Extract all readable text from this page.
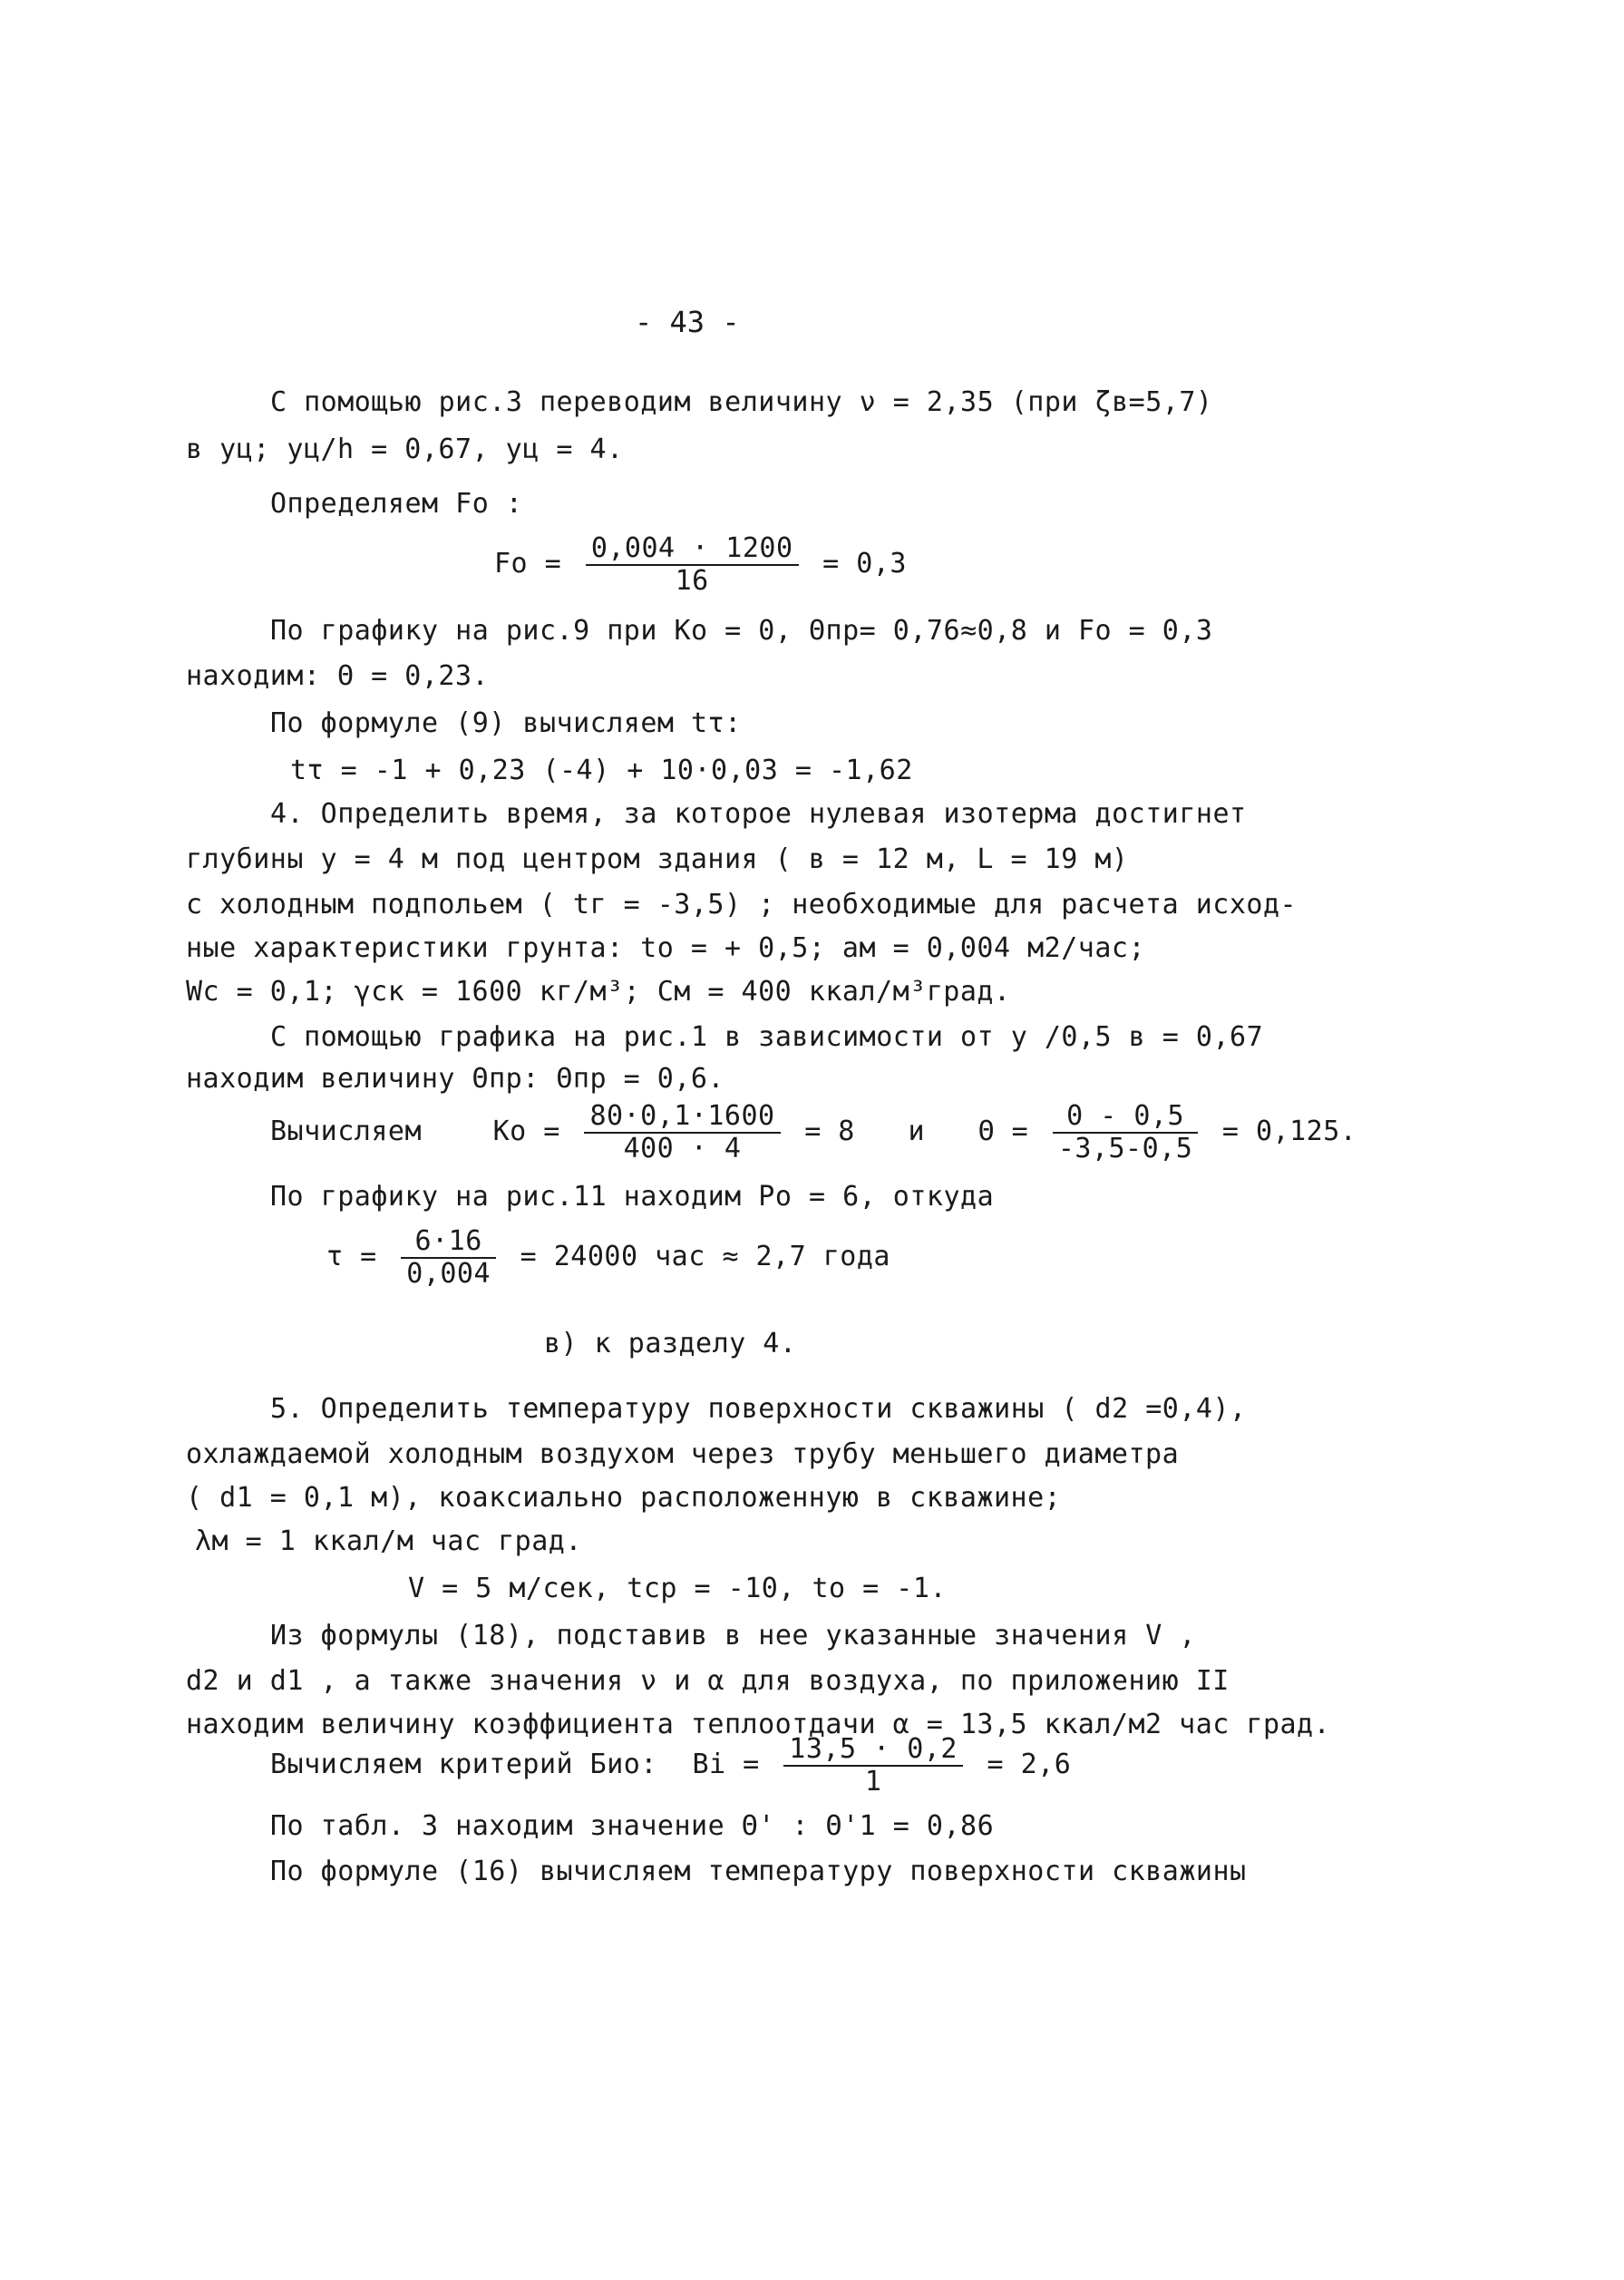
- 43 -
С помощью рис.3 переводим величину ν = 2,35 (при ζв=5,7)
в yц; yц/h = 0,67, yц = 4.
Определяем Fo :
$Fo = \frac{0,004 \cdot 1200}{16} = 0,3$
По графику на рис.9 при Ko = 0, Θпр= 0,76≈0,8 и Fo = 0,3
находим: Θ = 0,23.
По формуле (9) вычисляем tτ:
tτ = -1 + 0,23 (-4) + 10·0,03 = -1,62
4. Определить время, за которое нулевая изотерма достигнет
глубины y = 4 м под центром здания ( в = 12 м, L = 19 м)
с холодным подпольем ( tг = -3,5) ; необходимые для расчета исход-
ные характеристики грунта: to = + 0,5; aм = 0,004 м2/час;
Wс = 0,1; γск = 1600 кг/м³; Cм = 400 ккал/м³град.
С помощью графика на рис.1 в зависимости от y /0,5 в = 0,67
находим величину Θпр: Θпр = 0,6.
Вычисляем	$Ko = \frac{80\cdot 0,1\cdot 1600}{400 \cdot 4} = 8$ и $\Theta = \frac{0 - 0,5}{-3,5-0,5} = 0,125$.
По графику на рис.11 находим Po = 6, откуда
$\tau = \frac{6\cdot 16}{0,004} = 24000$ час ≈ 2,7 года
в) к разделу 4.
5. Определить температуру поверхности скважины ( d2 =0,4),
охлаждаемой холодным воздухом через трубу меньшего диаметра
( d1 = 0,1 м), коаксиально расположенную в скважине;
λм = 1 ккал/м час град.
V = 5 м/сек, tср = -10, to = -1.
Из формулы (18), подставив в нее указанные значения V ,
d2 и d1 , а также значения ν и α для воздуха, по приложению II
находим величину коэффициента теплоотдачи α = 13,5 ккал/м2 час град.
Вычисляем критерий Био: $Bi = \frac{13,5 \cdot 0,2}{1} = 2,6$
По табл. 3 находим значение Θ' : Θ'1 = 0,86
По формуле (16) вычисляем температуру поверхности скважины
